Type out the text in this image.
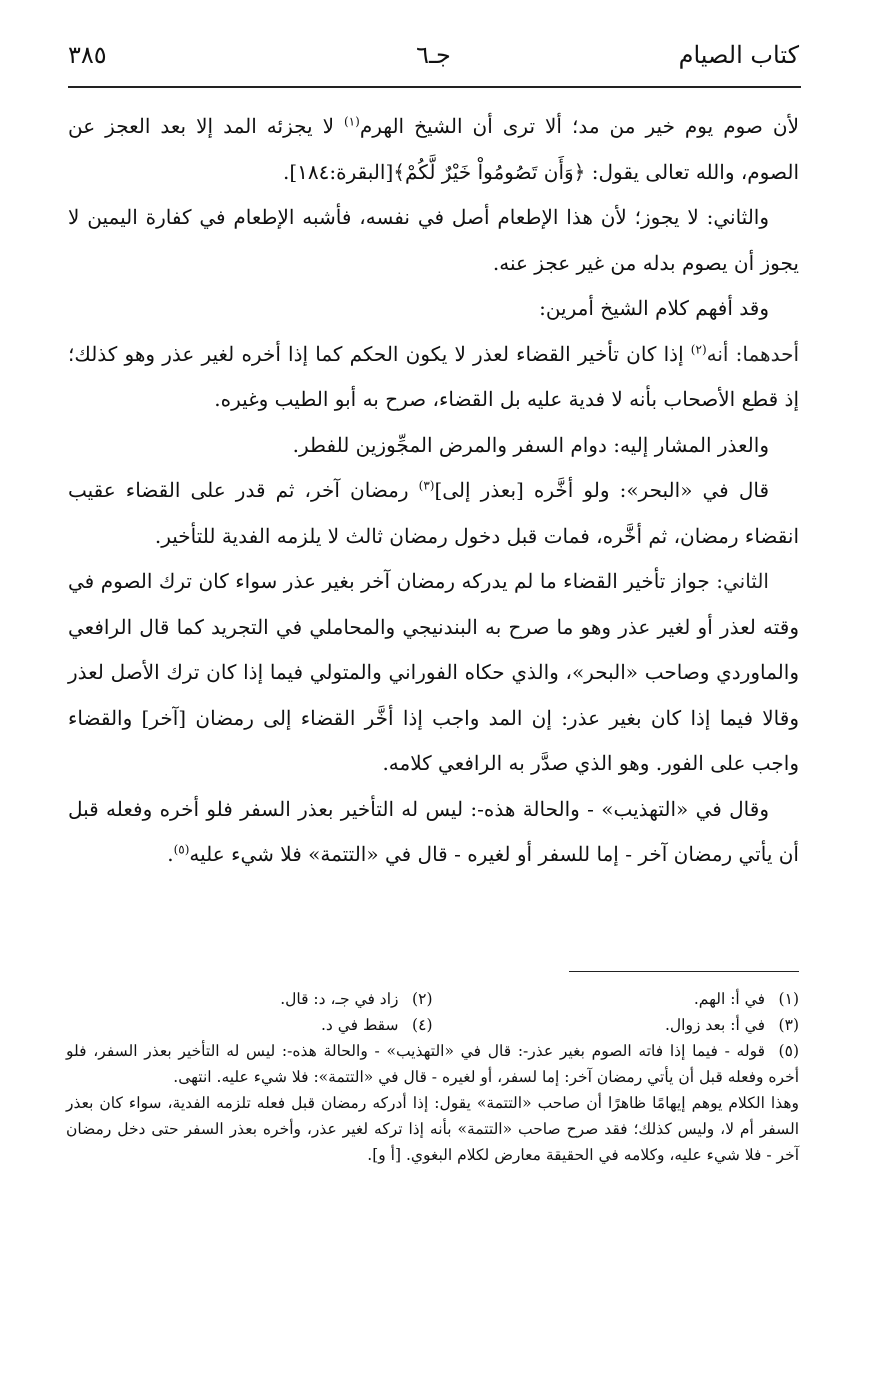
كتاب الصيام
جـ٦
٣٨٥

لأن صوم يوم خير من مد؛ ألا ترى أن الشيخ الهرم$^{(١)}$ لا يجزئه المد إلا بعد العجز عن الصوم، والله تعالى يقول: ﴿وَأَن تَصُومُواْ خَيْرٌ لَّكُمْ﴾[البقرة:١٨٤].

والثاني: لا يجوز؛ لأن هذا الإطعام أصل في نفسه، فأشبه الإطعام في كفارة اليمين لا يجوز أن يصوم بدله من غير عجز عنه.

وقد أفهم كلام الشيخ أمرين:

أحدهما: أنه$^{(٢)}$ إذا كان تأخير القضاء لعذر لا يكون الحكم كما إذا أخره لغير عذر وهو كذلك؛ إذ قطع الأصحاب بأنه لا فدية عليه بل القضاء، صرح به أبو الطيب وغيره.

والعذر المشار إليه: دوام السفر والمرض المجِّوزين للفطر.

قال في «البحر»: ولو أخَّره [بعذر إلى]$^{(٣)}$ رمضان آخر، ثم قدر على القضاء عقيب انقضاء رمضان، ثم أخَّره، فمات قبل دخول رمضان ثالث لا يلزمه الفدية للتأخير.

الثاني: جواز تأخير القضاء ما لم يدركه رمضان آخر بغير عذر سواء كان ترك الصوم في وقته لعذر أو لغير عذر وهو ما صرح به البندنيجي والمحاملي في التجريد كما قال الرافعي والماوردي وصاحب «البحر»، والذي حكاه الفوراني والمتولي فيما إذا كان ترك الأصل لعذر وقالا فيما إذا كان بغير عذر: إن المد واجب إذا أخَّر القضاء إلى رمضان [آخر] والقضاء واجب على الفور. وهو الذي صدَّر به الرافعي كلامه.

وقال في «التهذيب» - والحالة هذه-: ليس له التأخير بعذر السفر فلو أخره وفعله قبل أن يأتي رمضان آخر - إما للسفر أو لغيره - قال في «التتمة» فلا شيء عليه$^{(٥)}$.

(١)في أ: الهم.
(٢)زاد في جـ، د: قال.
(٣)في أ: بعد زوال.
(٤)سقط في د.

(٥)قوله - فيما إذا فاته الصوم بغير عذر-: قال في «التهذيب» - والحالة هذه-: ليس له التأخير بعذر السفر، فلو أخره وفعله قبل أن يأتي رمضان آخر: إما لسفر، أو لغيره - قال في «التتمة»: فلا شيء عليه. انتهى.

وهذا الكلام يوهم إيهامًا ظاهرًا أن صاحب «التتمة» يقول: إذا أدركه رمضان قبل فعله تلزمه الفدية، سواء كان بعذر السفر أم لا، وليس كذلك؛ فقد صرح صاحب «التتمة» بأنه إذا تركه لغير عذر، وأخره بعذر السفر حتى دخل رمضان آخر - فلا شيء عليه، وكلامه في الحقيقة معارض لكلام البغوي. [أ و].
